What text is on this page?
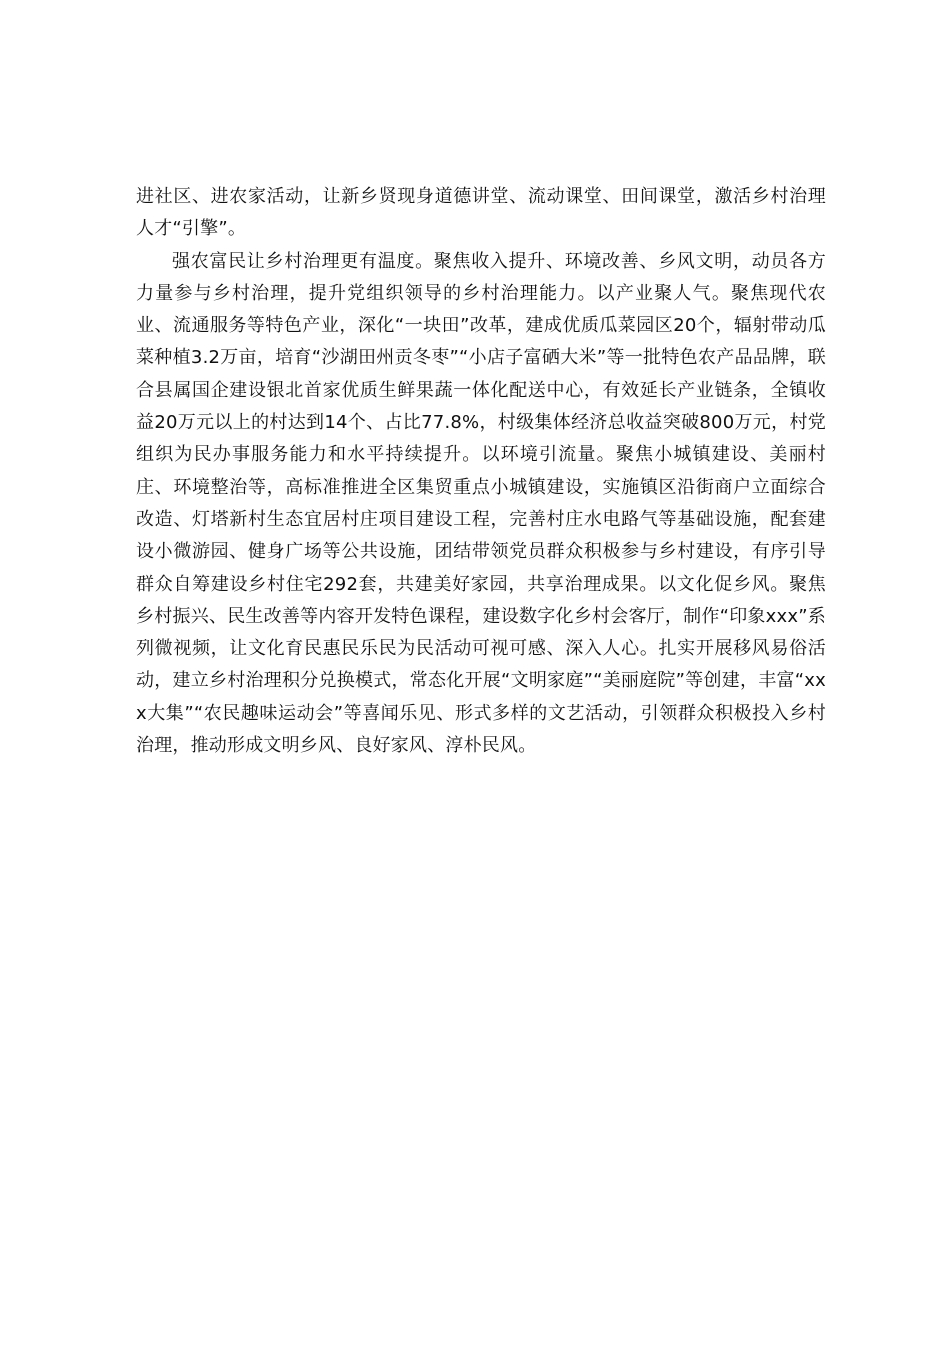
进社区、进农家活动，让新乡贤现身道德讲堂、流动课堂、田间课堂，激活乡村治理人才“引擎”。

强农富民让乡村治理更有温度。聚焦收入提升、环境改善、乡风文明，动员各方力量参与乡村治理，提升党组织领导的乡村治理能力。以产业聚人气。聚焦现代农业、流通服务等特色产业，深化“一块田”改革，建成优质瓜菜园区20个，辐射带动瓜菜种植3.2万亩，培育“沙湖田州贡冬枣”“小店子富硒大米”等一批特色农产品品牌，联合县属国企建设银北首家优质生鲜果蔬一体化配送中心，有效延长产业链条，全镇收益20万元以上的村达到14个、占比77.8%，村级集体经济总收益突破800万元，村党组织为民办事服务能力和水平持续提升。以环境引流量。聚焦小城镇建设、美丽村庄、环境整治等，高标准推进全区集贸重点小城镇建设，实施镇区沿街商户立面综合改造、灯塔新村生态宜居村庄项目建设工程，完善村庄水电路气等基础设施，配套建设小微游园、健身广场等公共设施，团结带领党员群众积极参与乡村建设，有序引导群众自筹建设乡村住宅292套，共建美好家园，共享治理成果。以文化促乡风。聚焦乡村振兴、民生改善等内容开发特色课程，建设数字化乡村会客厅，制作“印象xxx”系列微视频，让文化育民惠民乐民为民活动可视可感、深入人心。扎实开展移风易俗活动，建立乡村治理积分兑换模式，常态化开展“文明家庭”“美丽庭院”等创建，丰富“xxx大集”“农民趣味运动会”等喜闻乐见、形式多样的文艺活动，引领群众积极投入乡村治理，推动形成文明乡风、良好家风、淳朴民风。
